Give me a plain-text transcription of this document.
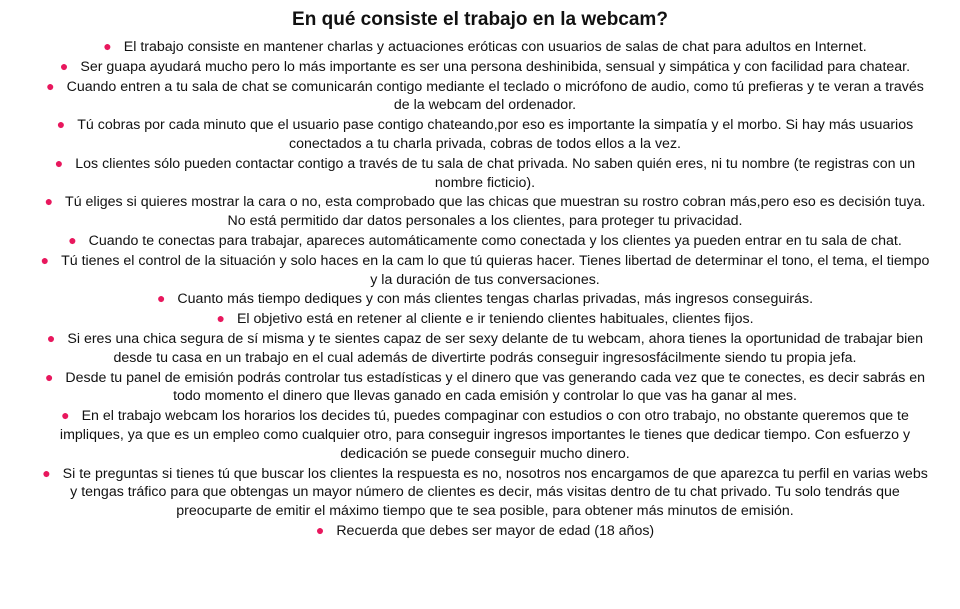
En qué consiste el trabajo en la webcam?
● El trabajo consiste en mantener charlas y actuaciones eróticas con usuarios de salas de chat para adultos en Internet.
● Ser guapa ayudará mucho pero lo más importante es ser una persona deshinibida, sensual y simpática y con facilidad para chatear.
● Cuando entren a tu sala de chat se comunicarán contigo mediante el teclado o micrófono de audio, como tú prefieras y te veran a través de la webcam del ordenador.
● Tú cobras por cada minuto que el usuario pase contigo chateando,por eso es importante la simpatía y el morbo. Si hay más usuarios conectados a tu charla privada, cobras de todos ellos a la vez.
● Los clientes sólo pueden contactar contigo a través de tu sala de chat privada. No saben quién eres, ni tu nombre (te registras con un nombre ficticio).
● Tú eliges si quieres mostrar la cara o no, esta comprobado que las chicas que muestran su rostro cobran más,pero eso es decisión tuya. No está permitido dar datos personales a los clientes, para proteger tu privacidad.
● Cuando te conectas para trabajar, apareces automáticamente como conectada y los clientes ya pueden entrar en tu sala de chat.
● Tú tienes el control de la situación y solo haces en la cam lo que tú quieras hacer. Tienes libertad de determinar el tono, el tema, el tiempo y la duración de tus conversaciones.
● Cuanto más tiempo dediques y con más clientes tengas charlas privadas, más ingresos conseguirás.
● El objetivo está en retener al cliente e ir teniendo clientes habituales, clientes fijos.
● Si eres una chica segura de sí misma y te sientes capaz de ser sexy delante de tu webcam, ahora tienes la oportunidad de trabajar bien desde tu casa en un trabajo en el cual además de divertirte podrás conseguir ingresosfácilmente siendo tu propia jefa.
● Desde tu panel de emisión podrás controlar tus estadísticas y el dinero que vas generando cada vez que te conectes, es decir sabrás en todo momento el dinero que llevas ganado en cada emisión y controlar lo que vas ha ganar al mes.
● En el trabajo webcam los horarios los decides tú, puedes compaginar con estudios o con otro trabajo, no obstante queremos que te impliques, ya que es un empleo como cualquier otro, para conseguir ingresos importantes le tienes que dedicar tiempo. Con esfuerzo y dedicación se puede conseguir mucho dinero.
● Si te preguntas si tienes tú que buscar los clientes la respuesta es no, nosotros nos encargamos de que aparezca tu perfil en varias webs y tengas tráfico para que obtengas un mayor número de clientes es decir, más visitas dentro de tu chat privado. Tu solo tendrás que preocuparte de emitir el máximo tiempo que te sea posible, para obtener más minutos de emisión.
● Recuerda que debes ser mayor de edad (18 años)
